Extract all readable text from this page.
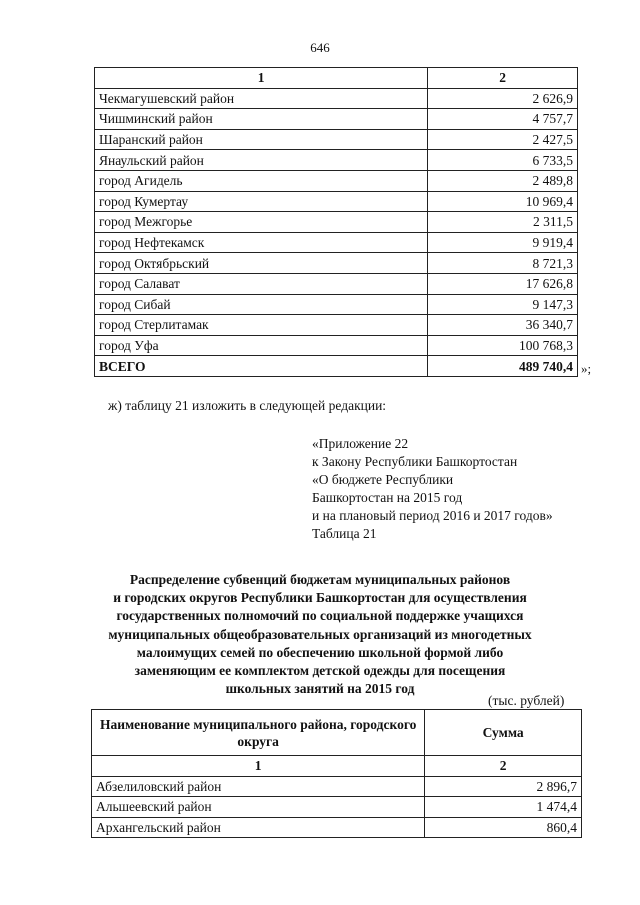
646
1	2
Чекмагушевский район	2 626,9
Чишминский район	4 757,7
Шаранский район	2 427,5
Янаульский район	6 733,5
город Агидель	2 489,8
город Кумертау	10 969,4
город Межгорье	2 311,5
город Нефтекамск	9 919,4
город Октябрьский	8 721,3
город Салават	17 626,8
город Сибай	9 147,3
город Стерлитамак	36 340,7
город Уфа	100 768,3
ВСЕГО	489 740,4 »;
ж) таблицу 21 изложить в следующей редакции:
«Приложение 22
к Закону Республики Башкортостан
«О бюджете Республики
Башкортостан на 2015 год
и на плановый период 2016 и 2017 годов»
Таблица 21
Распределение субвенций бюджетам муниципальных районов
и городских округов Республики Башкортостан для осуществления
государственных полномочий по социальной поддержке учащихся
муниципальных общеобразовательных организаций из многодетных
малоимущих семей по обеспечению школьной формой либо
заменяющим ее комплектом детской одежды для посещения
школьных занятий на 2015 год
(тыс. рублей)
Наименование муниципального района, городского округа	Сумма
1	2
Абзелиловский район	2 896,7
Альшеевский район	1 474,4
Архангельский район	860,4
